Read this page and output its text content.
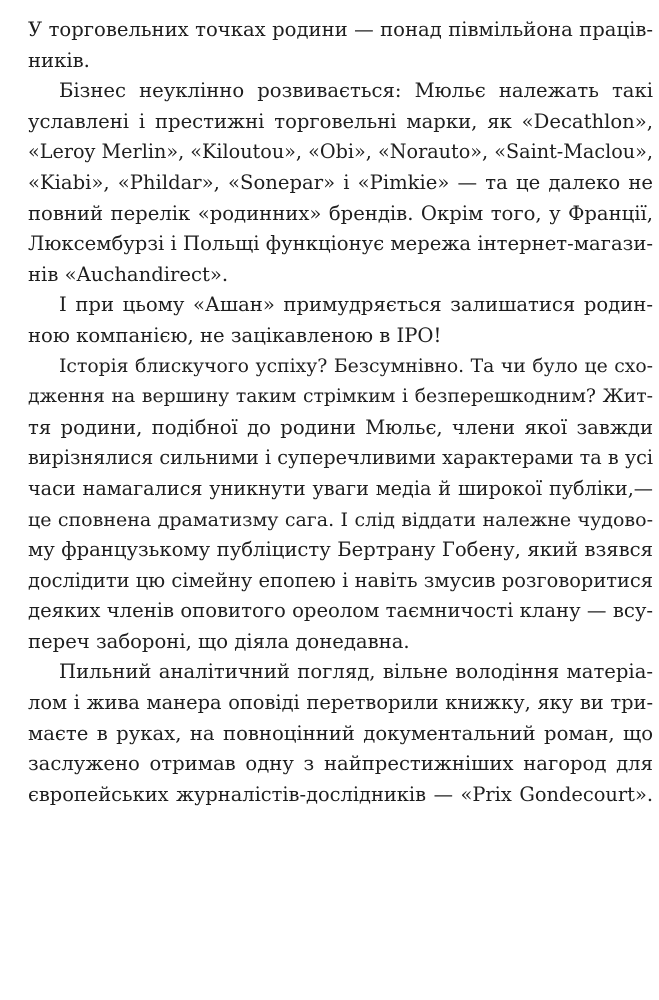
У торговельних точках родини — понад півмільйона праців-
ників.
Бізнес неуклінно розвивається: Мюльє належать такі
уславлені і престижні торговельні марки, як «Decathlon»,
«Leroy Merlin», «Kiloutou», «Obi», «Norauto», «Saint-Maclou»,
«Kiabi», «Phildar», «Sonepar» і «Pimkie» — та це далеко не
повний перелік «родинних» брендів. Окрім того, у Франції,
Люксембурзі і Польщі функціонує мережа інтернет-магази-
нів «Auchandirect».
І при цьому «Ашан» примудряється залишатися родин-
ною компанією, не зацікавленою в IPO!
Історія блискучого успіху? Безсумнівно. Та чи було це схо-
дження на вершину таким стрімким і безперешкодним? Жит-
тя родини, подібної до родини Мюльє, члени якої завжди
вирізнялися сильними і суперечливими характерами та в усі
часи намагалися уникнути уваги медіа й широкої публіки,—
це сповнена драматизму сага. І слід віддати належне чудово-
му французькому публіцисту Бертрану Гобену, який взявся
дослідити цю сімейну епопею і навіть змусив розговоритися
деяких членів оповитого ореолом таємничості клану — всу-
переч забороні, що діяла донедавна.
Пильний аналітичний погляд, вільне володіння матеріа-
лом і жива манера оповіді перетворили книжку, яку ви три-
маєте в руках, на повноцінний документальний роман, що
заслужено отримав одну з найпрестижніших нагород для
європейських журналістів-дослідників — «Prix Gondecourt».
